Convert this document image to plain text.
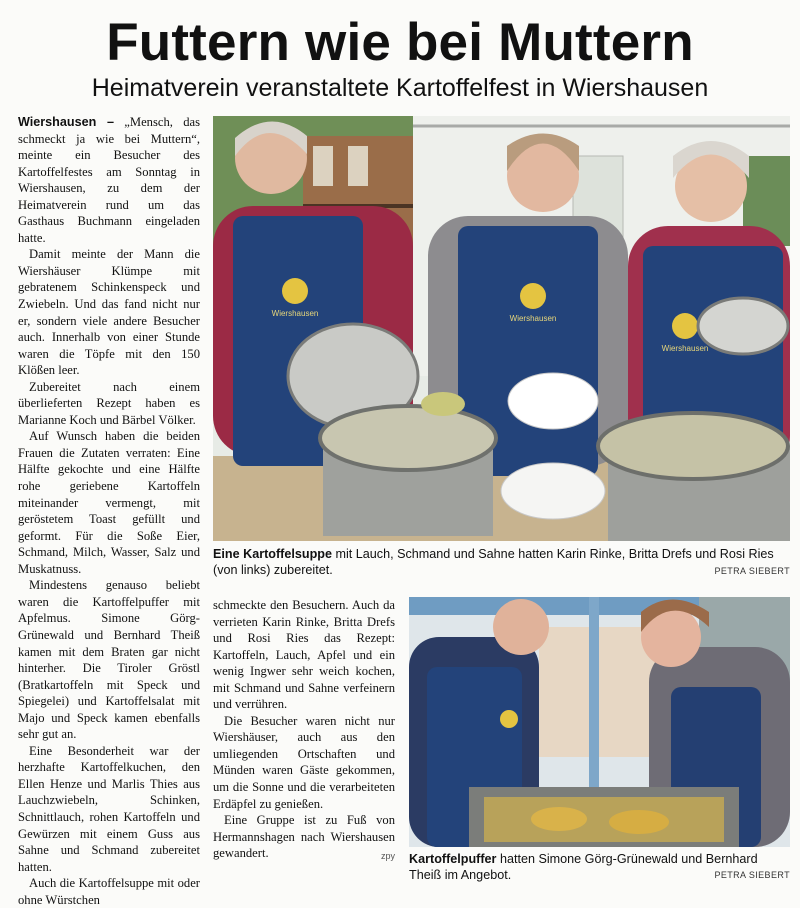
Futtern wie bei Muttern
Heimatverein veranstaltete Kartoffelfest in Wiershausen

Wiershausen – „Mensch, das schmeckt ja wie bei Muttern“, meinte ein Besucher des Kartoffelfestes am Sonntag in Wiershausen, zu dem der Heimatverein rund um das Gasthaus Buchmann eingeladen hatte.

Damit meinte der Mann die Wiershäuser Klümpe mit gebratenem Schinkenspeck und Zwiebeln. Und das fand nicht nur er, sondern viele andere Besucher auch. Innerhalb von einer Stunde waren die Töpfe mit den 150 Klößen leer.

Zubereitet nach einem überlieferten Rezept haben es Marianne Koch und Bärbel Völker.

Auf Wunsch haben die beiden Frauen die Zutaten verraten: Eine Hälfte gekochte und eine Hälfte rohe geriebene Kartoffeln miteinander vermengt, mit geröstetem Toast gefüllt und geformt. Für die Soße Eier, Schmand, Milch, Wasser, Salz und Muskatnuss.

Mindestens genauso beliebt waren die Kartoffelpuffer mit Apfelmus. Simone Görg-Grünewald und Bernhard Theiß kamen mit dem Braten gar nicht hinterher. Die Tiroler Gröstl (Bratkartoffeln mit Speck und Spiegelei) und Kartoffelsalat mit Majo und Speck kamen ebenfalls sehr gut an.

Eine Besonderheit war der herzhafte Kartoffelkuchen, den Ellen Henze und Marlis Thies aus Lauchzwiebeln, Schinken, Schnittlauch, rohen Kartoffeln und Gewürzen mit einem Guss aus Sahne und Schmand zubereitet hatten.

Auch die Kartoffelsuppe mit oder ohne Würstchen

Wiershausen
Wiershausen
Wiershausen
Eine Kartoffelsuppe mit Lauch, Schmand und Sahne hatten Karin Rinke, Britta Drefs und Rosi Ries (von links) zubereitet.	PETRA SIEBERT

schmeckte den Besuchern. Auch da verrieten Karin Rinke, Britta Drefs und Rosi Ries das Rezept: Kartoffeln, Lauch, Apfel und ein wenig Ingwer sehr weich kochen, mit Schmand und Sahne verfeinern und verrühren.

Die Besucher waren nicht nur Wiershäuser, auch aus den umliegenden Ortschaften und Münden waren Gäste gekommen, um die Sonne und die verarbeiteten Erdäpfel zu genießen.

Eine Gruppe ist zu Fuß von Hermannshagen nach Wiershausen gewandert.	zpy Kartoffelpuffer hatten Simone Görg-Grünewald und Bernhard Theiß im Angebot.	PETRA SIEBERT
